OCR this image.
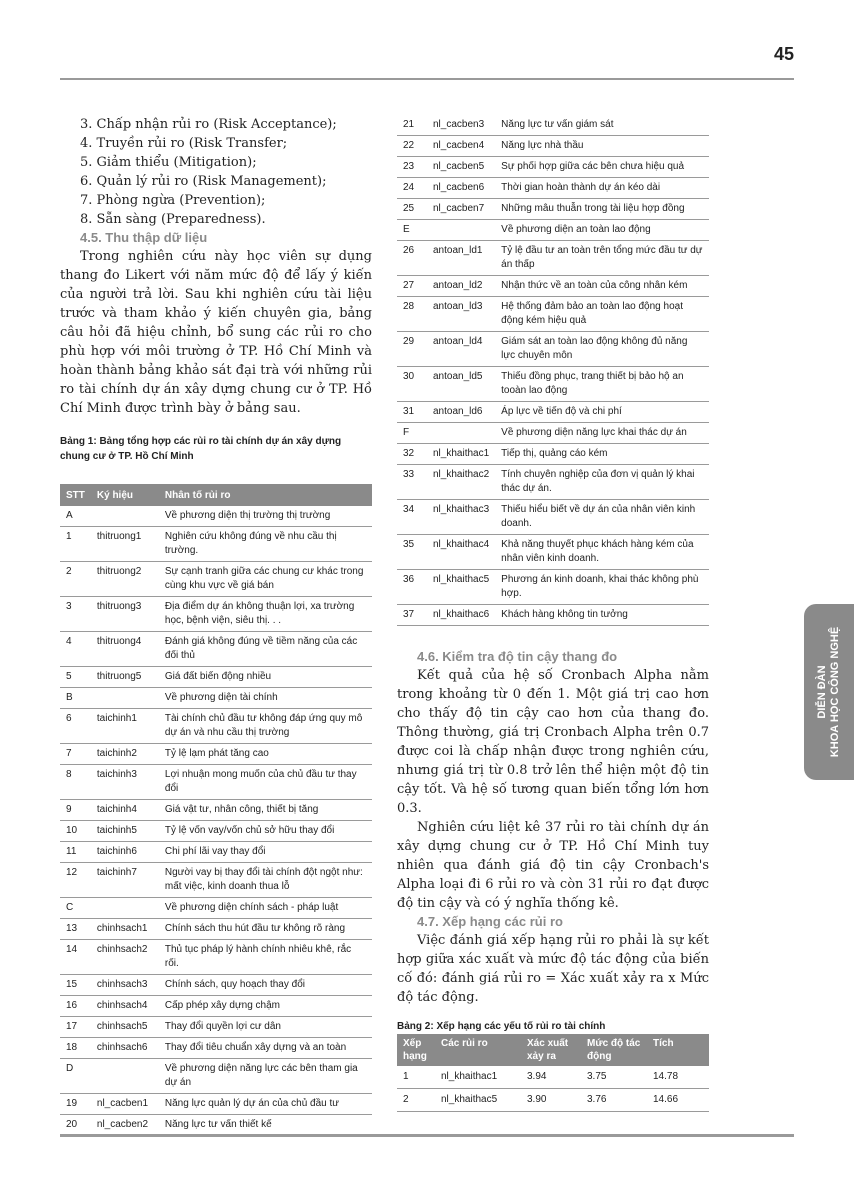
45
DIỄN ĐÀN KHOA HỌC CÔNG NGHỆ
3. Chấp nhận rủi ro (Risk Acceptance);
4. Truyền rủi ro (Risk Transfer;
5. Giảm thiểu (Mitigation);
6. Quản lý rủi ro (Risk Management);
7. Phòng ngừa (Prevention);
8. Sẵn sàng (Preparedness).
4.5. Thu thập dữ liệu

Trong nghiên cứu này học viên sự dụng thang đo Likert với năm mức độ để lấy ý kiến của người trả lời. Sau khi nghiên cứu tài liệu trước và tham khảo ý kiến chuyên gia, bảng câu hỏi đã hiệu chỉnh, bổ sung các rủi ro cho phù hợp với môi trường ở TP. Hồ Chí Minh và hoàn thành bảng khảo sát đại trà với những rủi ro tài chính dự án xây dựng chung cư ở TP. Hồ Chí Minh được trình bày ở bảng sau.

Bảng 1: Bảng tổng hợp các rủi ro tài chính dự án xây dựng chung cư ở TP. Hồ Chí Minh
STT	Ký hiệu	Nhân tố rủi ro
A		Về phương diện thị trường thị trường
1	thitruong1	Nghiên cứu không đúng về nhu cầu thị trường.
2	thitruong2	Sự cạnh tranh giữa các chung cư khác trong cùng khu vực về giá bán
3	thitruong3	Địa điểm dự án không thuận lợi, xa trường học, bệnh viện, siêu thị. . .
4	thitruong4	Đánh giá không đúng về tiềm năng của các đối thủ
5	thitruong5	Giá đất biến động nhiều
B		Về phương diện tài chính
6	taichinh1	Tài chính chủ đầu tư không đáp ứng quy mô dự án và nhu cầu thị trường
7	taichinh2	Tỷ lệ lạm phát tăng cao
8	taichinh3	Lợi nhuận mong muốn của chủ đầu tư thay đổi
9	taichinh4	Giá vật tư, nhân công, thiết bị tăng
10	taichinh5	Tỷ lệ vốn vay/vốn chủ sở hữu thay đổi
11	taichinh6	Chi phí lãi vay thay đổi
12	taichinh7	Người vay bị thay đổi tài chính đột ngột như: mất việc, kinh doanh thua lỗ
C		Về phương diện chính sách - pháp luật
13	chinhsach1	Chính sách thu hút đầu tư không rõ ràng
14	chinhsach2	Thủ tục pháp lý hành chính nhiêu khê, rắc rối.
15	chinhsach3	Chính sách, quy hoạch thay đổi
16	chinhsach4	Cấp phép xây dựng chậm
17	chinhsach5	Thay đổi quyền lợi cư dân
18	chinhsach6	Thay đổi tiêu chuẩn xây dựng và an toàn
D		Về phương diện năng lực các bên tham gia dự án
19	nl_cacben1	Năng lực quản lý dự án của chủ đầu tư
20	nl_cacben2	Năng lực tư vấn thiết kế
21	nl_cacben3	Năng lực tư vấn giám sát
22	nl_cacben4	Năng lực nhà thầu
23	nl_cacben5	Sự phối hợp giữa các bên chưa hiệu quả
24	nl_cacben6	Thời gian hoàn thành dự án kéo dài
25	nl_cacben7	Những mâu thuẫn trong tài liệu hợp đồng
E		Về phương diện an toàn lao động
26	antoan_ld1	Tỷ lệ đầu tư an toàn trên tổng mức đầu tư dự án thấp
27	antoan_ld2	Nhận thức về an toàn của công nhân kém
28	antoan_ld3	Hệ thống đảm bảo an toàn lao động hoạt động kém hiệu quả
29	antoan_ld4	Giám sát an toàn lao động không đủ năng lực chuyên môn
30	antoan_ld5	Thiếu đồng phục, trang thiết bị bảo hộ an tooàn lao động
31	antoan_ld6	Áp lực về tiến độ và chi phí
F		Về phương diện năng lực khai thác dự án
32	nl_khaithac1	Tiếp thị, quảng cáo kém
33	nl_khaithac2	Tính chuyên nghiệp của đơn vị quản lý khai thác dự án.
34	nl_khaithac3	Thiếu hiểu biết về dự án của nhân viên kinh doanh.
35	nl_khaithac4	Khả năng thuyết phục khách hàng kém của nhân viên kinh doanh.
36	nl_khaithac5	Phương án kinh doanh, khai thác không phù hợp.
37	nl_khaithac6	Khách hàng không tin tưởng
4.6. Kiểm tra độ tin cậy thang đo

Kết quả của hệ số Cronbach Alpha nằm trong khoảng từ 0 đến 1. Một giá trị cao hơn cho thấy độ tin cậy cao hơn của thang đo. Thông thường, giá trị Cronbach Alpha trên 0.7 được coi là chấp nhận được trong nghiên cứu, nhưng giá trị từ 0.8 trở lên thể hiện một độ tin cậy tốt. Và hệ số tương quan biến tổng lớn hơn 0.3.

Nghiên cứu liệt kê 37 rủi ro tài chính dự án xây dựng chung cư ở TP. Hồ Chí Minh tuy nhiên qua đánh giá độ tin cậy Cronbach's Alpha loại đi 6 rủi ro và còn 31 rủi ro đạt được độ tin cậy và có ý nghĩa thống kê.

4.7. Xếp hạng các rủi ro

Việc đánh giá xếp hạng rủi ro phải là sự kết hợp giữa xác xuất và mức độ tác động của biến cố đó: đánh giá rủi ro = Xác xuất xảy ra x Mức độ tác động.

Bảng 2: Xếp hạng các yếu tố rủi ro tài chính
Xếp hạng	Các rủi ro	Xác xuất xảy ra	Mức độ tác động	Tích
1	nl_khaithac1	3.94	3.75	14.78
2	nl_khaithac5	3.90	3.76	14.66
